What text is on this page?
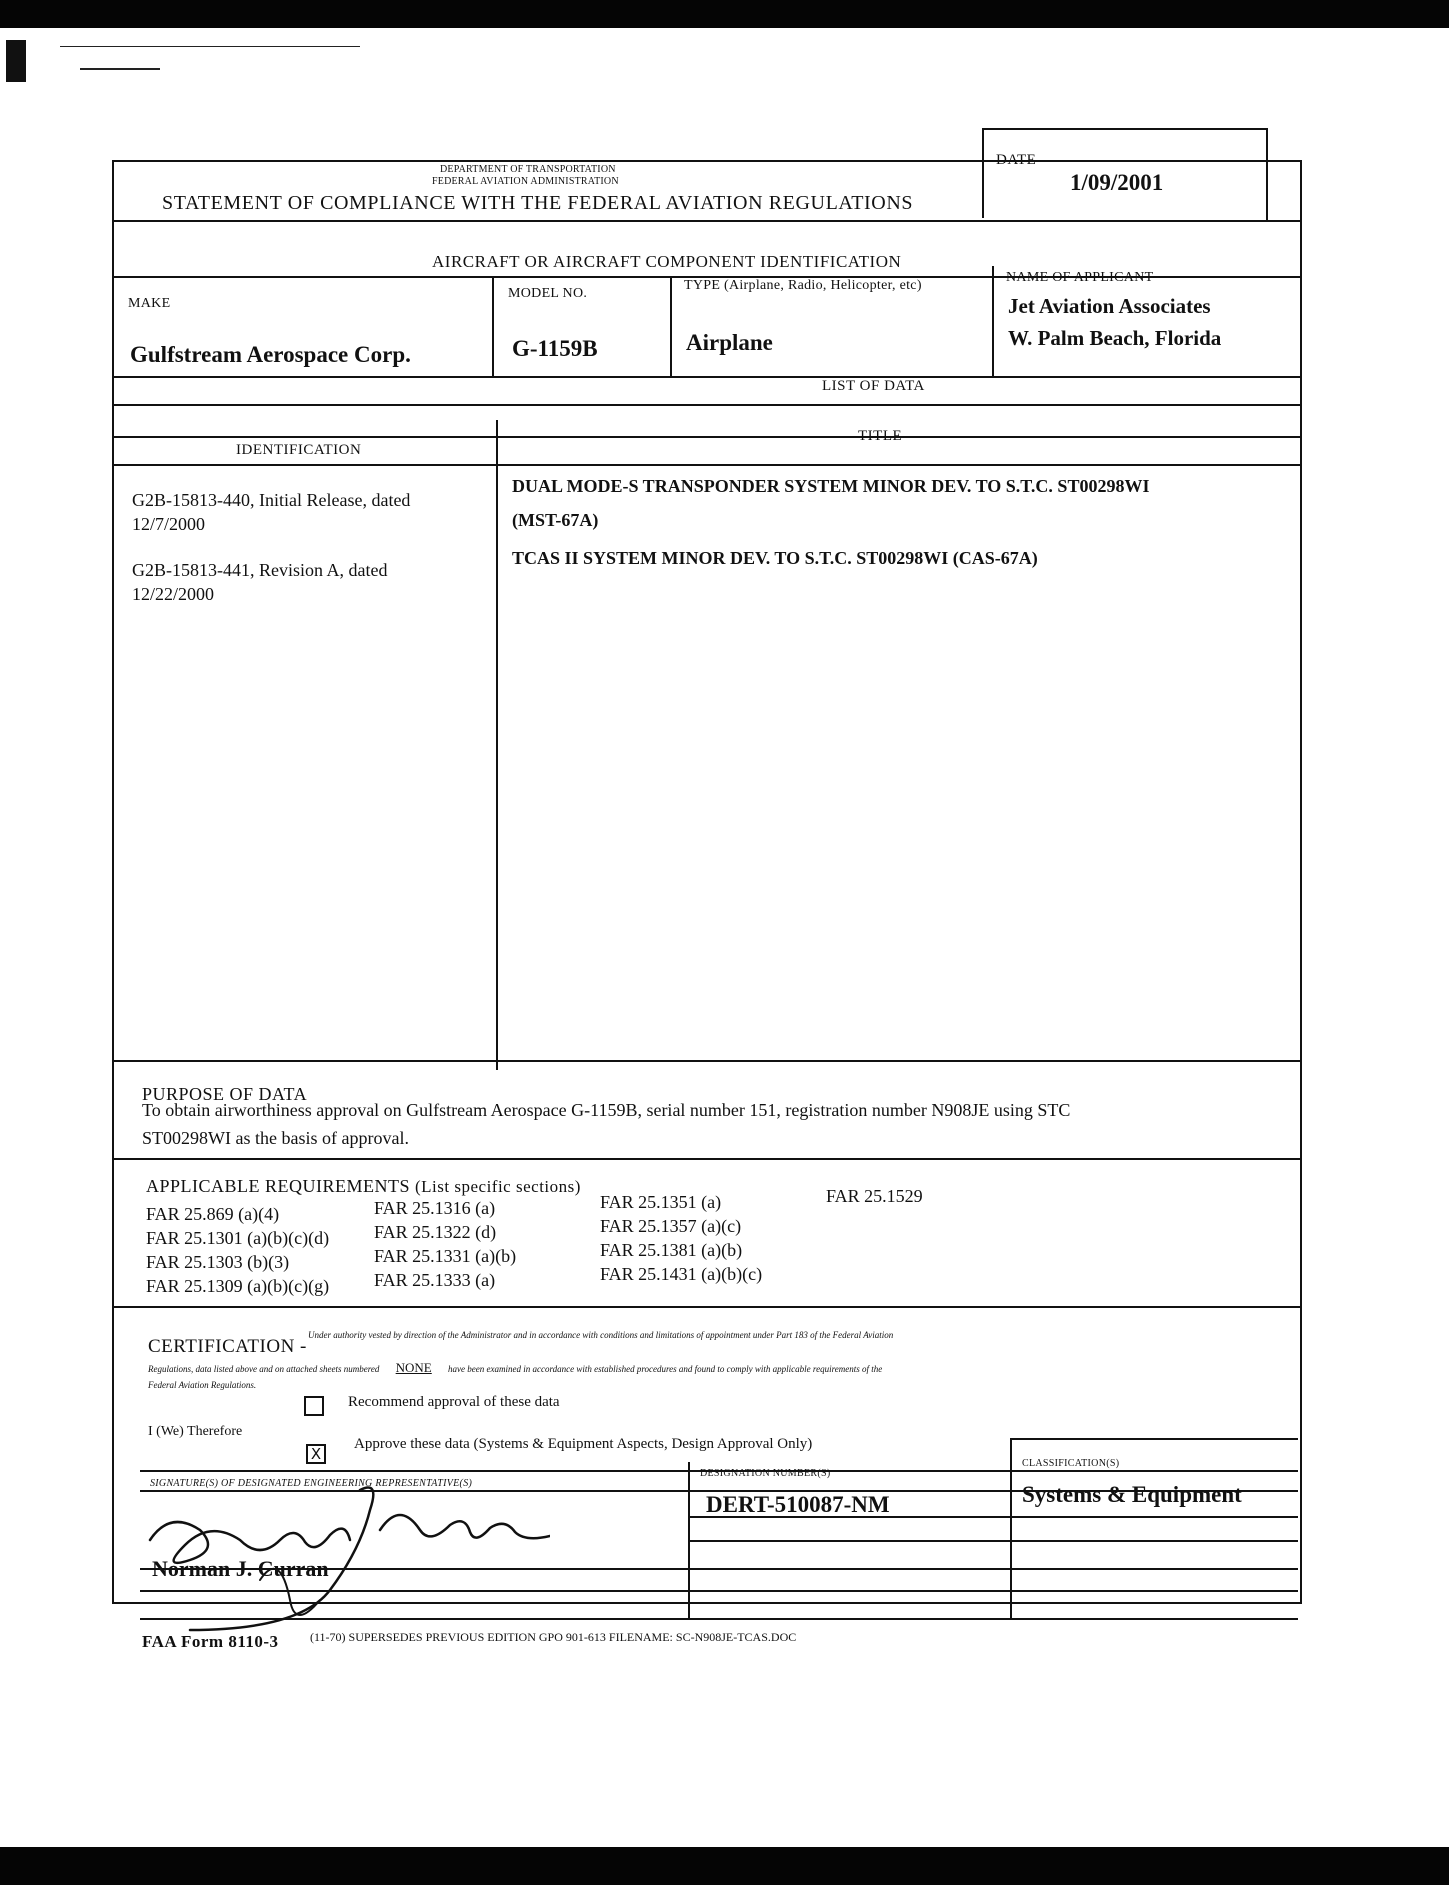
DEPARTMENT OF TRANSPORTATION
FEDERAL AVIATION ADMINISTRATION
STATEMENT OF COMPLIANCE WITH THE FEDERAL AVIATION REGULATIONS
DATE
1/09/2001
AIRCRAFT OR AIRCRAFT COMPONENT IDENTIFICATION
MAKE
Gulfstream Aerospace Corp.
MODEL NO.
G-1159B
TYPE (Airplane, Radio, Helicopter, etc)
Airplane
NAME OF APPLICANT
Jet Aviation Associates
W. Palm Beach, Florida
LIST OF DATA
IDENTIFICATION
TITLE
G2B-15813-440, Initial Release, dated
12/7/2000
G2B-15813-441, Revision A, dated
12/22/2000
DUAL MODE-S TRANSPONDER SYSTEM MINOR DEV. TO S.T.C. ST00298WI
(MST-67A)
TCAS II SYSTEM MINOR DEV. TO S.T.C. ST00298WI (CAS-67A)
PURPOSE OF DATA
To obtain airworthiness approval on Gulfstream Aerospace G-1159B, serial number 151, registration number N908JE using STC
ST00298WI as the basis of approval.
APPLICABLE REQUIREMENTS (List specific sections)
FAR 25.869 (a)(4)
FAR 25.1301 (a)(b)(c)(d)
FAR 25.1303 (b)(3)
FAR 25.1309 (a)(b)(c)(g)
FAR 25.1316 (a)
FAR 25.1322 (d)
FAR 25.1331 (a)(b)
FAR 25.1333 (a)
FAR 25.1351 (a)
FAR 25.1357 (a)(c)
FAR 25.1381 (a)(b)
FAR 25.1431 (a)(b)(c)
FAR 25.1529
CERTIFICATION -
Under authority vested by direction of the Administrator and in accordance with conditions and limitations of appointment under Part 183 of the Federal Aviation
Regulations, data listed above and on attached sheets numbered NONE have been examined in accordance with established procedures and found to comply with applicable requirements of the
Federal Aviation Regulations.
Recommend approval of these data
I (We) Therefore
X
Approve these data (Systems & Equipment Aspects, Design Approval Only)
SIGNATURE(S) OF DESIGNATED ENGINEERING REPRESENTATIVE(S)
DESIGNATION NUMBER(S)
CLASSIFICATION(S)
DERT-510087-NM	Systems & Equipment
Norman J. Curran
FAA Form 8110-3	(11-70) SUPERSEDES PREVIOUS EDITION GPO 901-613 FILENAME: SC-N908JE-TCAS.DOC
